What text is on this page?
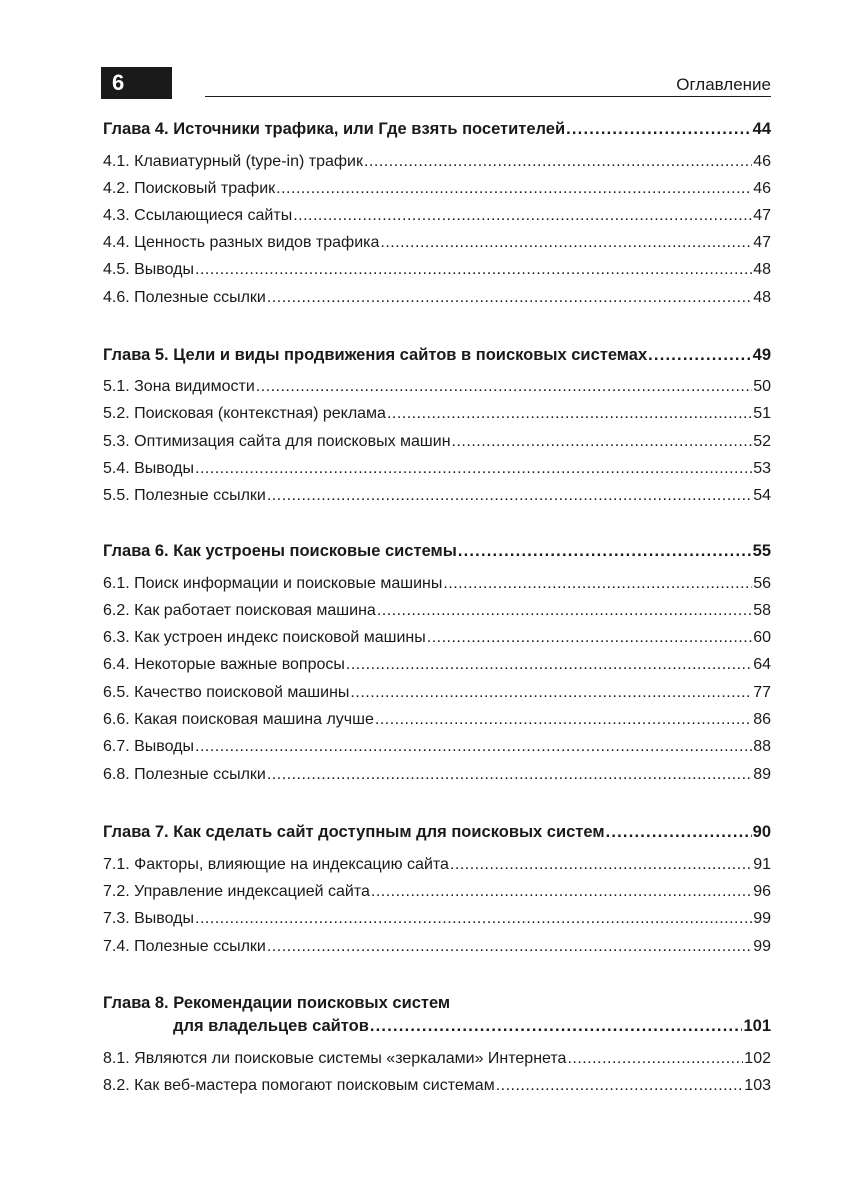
6	Оглавление
Глава 4. Источники трафика, или Где взять посетителей .....	44
4.1. Клавиатурный (type-in) трафик .....	46
4.2. Поисковый трафик .....	46
4.3. Ссылающиеся сайты .....	47
4.4. Ценность разных видов трафика .....	47
4.5. Выводы .....	48
4.6. Полезные ссылки .....	48
Глава 5. Цели и виды продвижения сайтов в поисковых системах .....	49
5.1. Зона видимости .....	50
5.2. Поисковая (контекстная) реклама .....	51
5.3. Оптимизация сайта для поисковых машин .....	52
5.4. Выводы .....	53
5.5. Полезные ссылки .....	54
Глава 6. Как устроены поисковые системы .....	55
6.1. Поиск информации и поисковые машины .....	56
6.2. Как работает поисковая машина .....	58
6.3. Как устроен индекс поисковой машины .....	60
6.4. Некоторые важные вопросы .....	64
6.5. Качество поисковой машины .....	77
6.6. Какая поисковая машина лучше .....	86
6.7. Выводы .....	88
6.8. Полезные ссылки .....	89
Глава 7. Как сделать сайт доступным для поисковых систем .....	90
7.1. Факторы, влияющие на индексацию сайта .....	91
7.2. Управление индексацией сайта .....	96
7.3. Выводы .....	99
7.4. Полезные ссылки .....	99
Глава 8. Рекомендации поисковых систем
для владельцев сайтов .....	101
8.1. Являются ли поисковые системы «зеркалами» Интернета .....	102
8.2. Как веб-мастера помогают поисковым системам .....	103
